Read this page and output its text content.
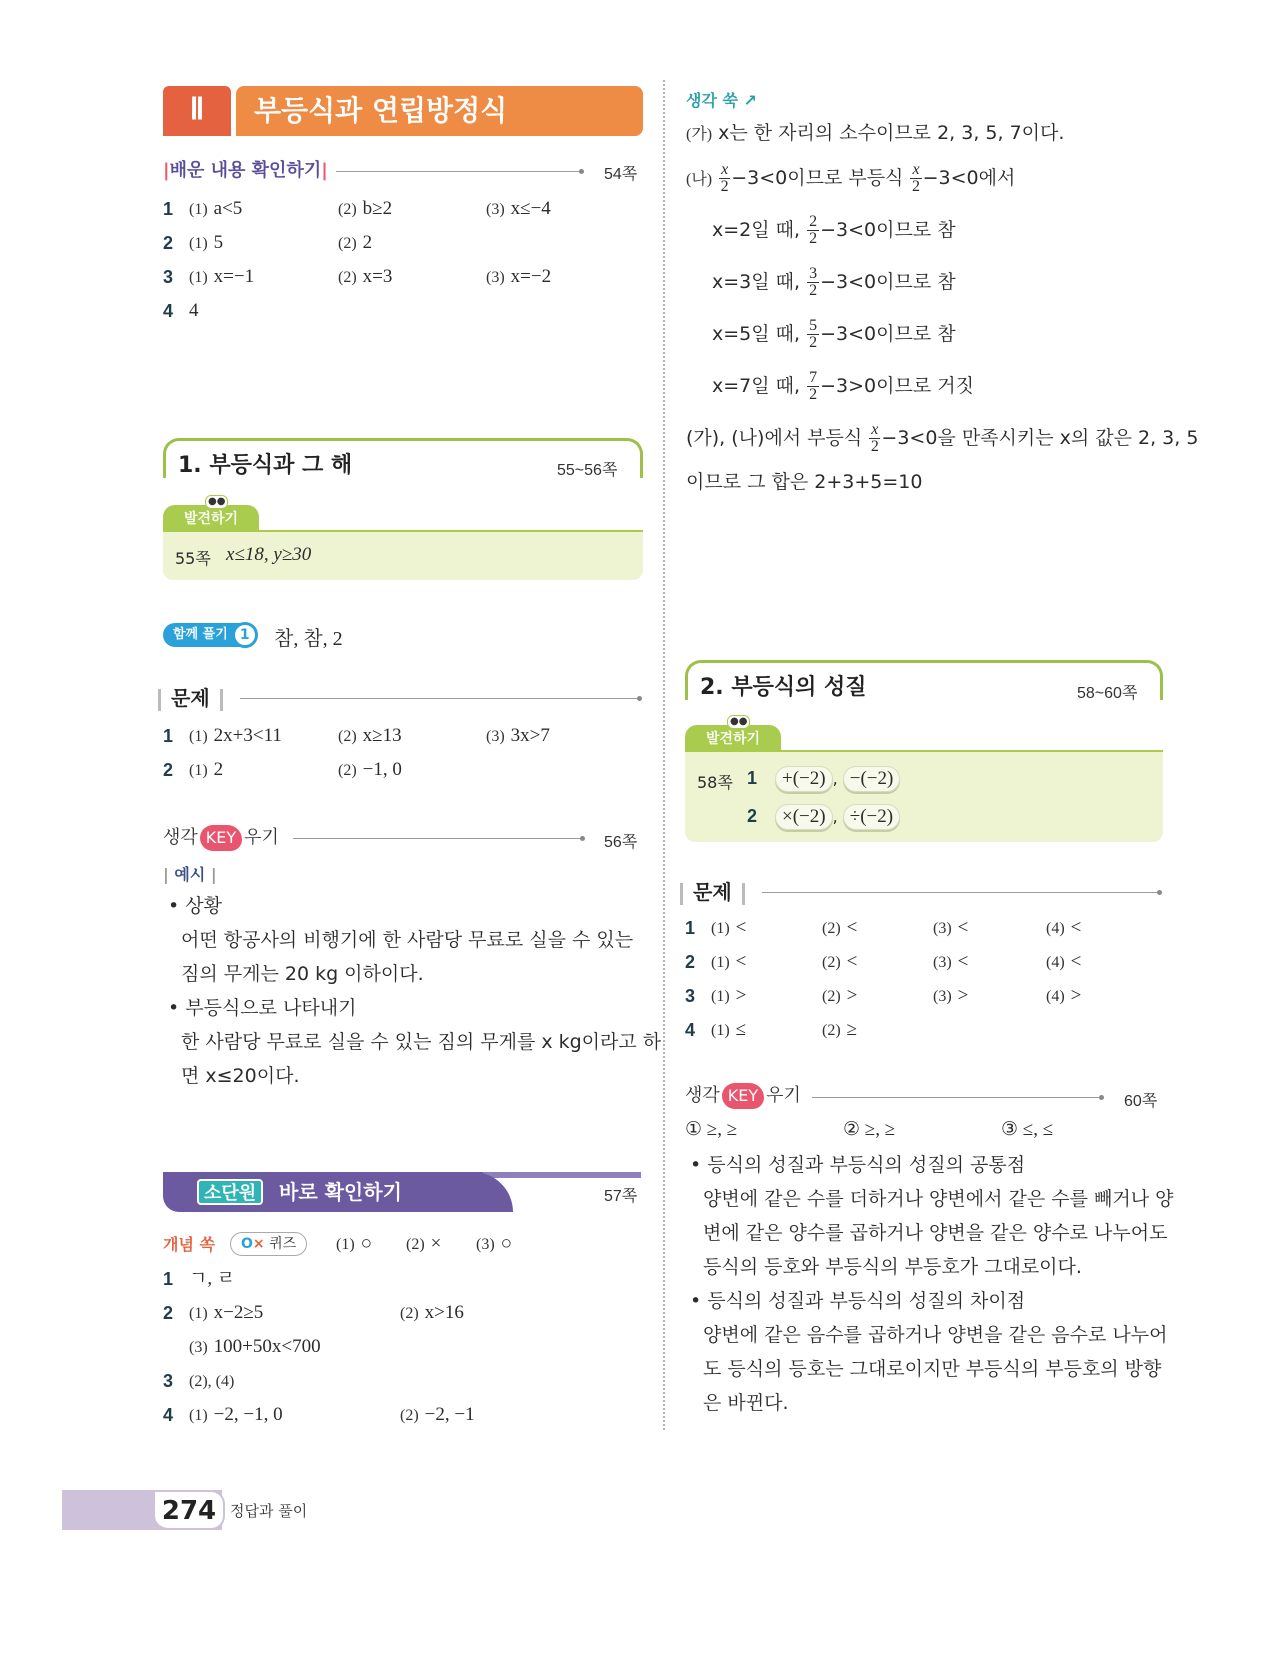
Ⅱ	부등식과 연립방정식
|배운 내용 확인하기|	54쪽
1 (1) a<5	(2) b≥2	(3) x≤−4
2 (1) 5	(2) 2
3 (1) x=−1	(2) x=3	(3) x=−2
4 4
1. 부등식과 그 해	55~56쪽
●●
발견하기
55쪽 x≤18, y≥30
함께 풀기 1	참, 참, 2
문제
1 (1) 2x+3<11	(2) x≥13	(3) 3x>7
2 (1) 2	(2) −1, 0
생각 KEY 우기	56쪽
| 예시 |
• 상황
어떤 항공사의 비행기에 한 사람당 무료로 실을 수 있는
짐의 무게는 20 kg 이하이다.
• 부등식으로 나타내기
한 사람당 무료로 실을 수 있는 짐의 무게를 x kg이라고 하
면 x≤20이다.
소단원	바로 확인하기	57쪽
개념 쏙	O× 퀴즈	(1) ○ (2) × (3) ○
1 ㄱ, ㄹ
2 (1) x−2≥5	(2) x>16
(3) 100+50x<700
3 (2), (4)
4 (1) −2, −1, 0	(2) −2, −1
생각 쑥 ↗
(가) x는 한 자리의 소수이므로 2, 3, 5, 7이다.
(나) $\frac{x}{2} -3<0$이므로 부등식 $\frac{x}{2} -3<0$에서
x=2일 때, $\frac{2}{2} -3<0$이므로 참
x=3일 때, $\frac{3}{2} -3<0$이므로 참
x=5일 때, $\frac{5}{2} -3<0$이므로 참
x=7일 때, $\frac{7}{2} -3>0$이므로 거짓
(가), (나)에서 부등식 $\frac{x}{2} -3<0$을 만족시키는 x의 값은 2, 3, 5
이므로 그 합은 2+3+5=10
2. 부등식의 성질	58~60쪽
●●
발견하기
58쪽 1	+(−2) , −(−2)
2	×(−2) , ÷(−2)
문제
1 (1) <	(2) <	(3) <	(4) <
2 (1) <	(2) <	(3) <	(4) <
3 (1) >	(2) >	(3) >	(4) >
4 (1) ≤	(2) ≥
생각 KEY 우기	60쪽
① ≥, ≥	② ≥, ≥	③ ≤, ≤
• 등식의 성질과 부등식의 성질의 공통점
양변에 같은 수를 더하거나 양변에서 같은 수를 빼거나 양
변에 같은 양수를 곱하거나 양변을 같은 양수로 나누어도
등식의 등호와 부등식의 부등호가 그대로이다.
• 등식의 성질과 부등식의 성질의 차이점
양변에 같은 음수를 곱하거나 양변을 같은 음수로 나누어
도 등식의 등호는 그대로이지만 부등식의 부등호의 방향
은 바뀐다.
274 정답과 풀이
